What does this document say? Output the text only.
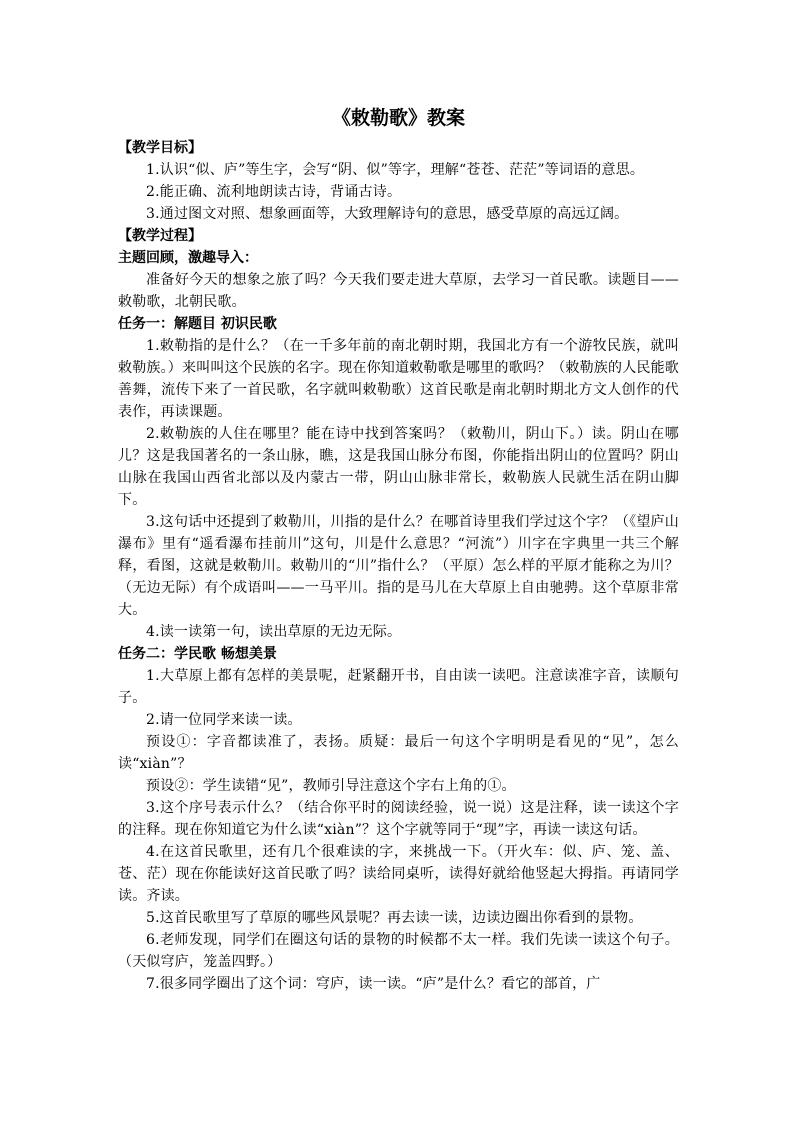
《敕勒歌》教案

【教学目标】

1.认识“似、庐”等生字，会写“阴、似”等字，理解“苍苍、茫茫”等词语的意思。

2.能正确、流利地朗读古诗，背诵古诗。

3.通过图文对照、想象画面等，大致理解诗句的意思，感受草原的高远辽阔。

【教学过程】

主题回顾，激趣导入：

准备好今天的想象之旅了吗？今天我们要走进大草原，去学习一首民歌。读题目——敕勒歌，北朝民歌。

任务一：解题目 初识民歌

1.敕勒指的是什么？（在一千多年前的南北朝时期，我国北方有一个游牧民族，就叫敕勒族。）来叫叫这个民族的名字。现在你知道敕勒歌是哪里的歌吗？（敕勒族的人民能歌善舞，流传下来了一首民歌，名字就叫敕勒歌）这首民歌是南北朝时期北方文人创作的代表作，再读课题。

2.敕勒族的人住在哪里？能在诗中找到答案吗？（敕勒川，阴山下。）读。阴山在哪儿？这是我国著名的一条山脉，瞧，这是我国山脉分布图，你能指出阴山的位置吗？阴山山脉在我国山西省北部以及内蒙古一带，阴山山脉非常长，敕勒族人民就生活在阴山脚下。

3.这句话中还提到了敕勒川，川指的是什么？在哪首诗里我们学过这个字？（《望庐山瀑布》里有“遥看瀑布挂前川”这句，川是什么意思？“河流”）川字在字典里一共三个解释，看图，这就是敕勒川。敕勒川的“川”指什么？（平原）怎么样的平原才能称之为川？（无边无际）有个成语叫——一马平川。指的是马儿在大草原上自由驰骋。这个草原非常大。

4.读一读第一句，读出草原的无边无际。

任务二：学民歌 畅想美景

1.大草原上都有怎样的美景呢，赶紧翻开书，自由读一读吧。注意读准字音，读顺句子。

2.请一位同学来读一读。

预设①：字音都读准了，表扬。质疑：最后一句这个字明明是看见的“见”，怎么读“xiàn”？

预设②：学生读错“见”，教师引导注意这个字右上角的①。

3.这个序号表示什么？（结合你平时的阅读经验，说一说）这是注释，读一读这个字的注释。现在你知道它为什么读“xiàn”？这个字就等同于“现”字，再读一读这句话。

4.在这首民歌里，还有几个很难读的字，来挑战一下。（开火车：似、庐、笼、盖、苍、茫）现在你能读好这首民歌了吗？读给同桌听，读得好就给他竖起大拇指。再请同学读。齐读。

5.这首民歌里写了草原的哪些风景呢？再去读一读，边读边圈出你看到的景物。

6.老师发现，同学们在圈这句话的景物的时候都不太一样。我们先读一读这个句子。（天似穹庐，笼盖四野。）

7.很多同学圈出了这个词：穹庐，读一读。“庐”是什么？看它的部首，广
